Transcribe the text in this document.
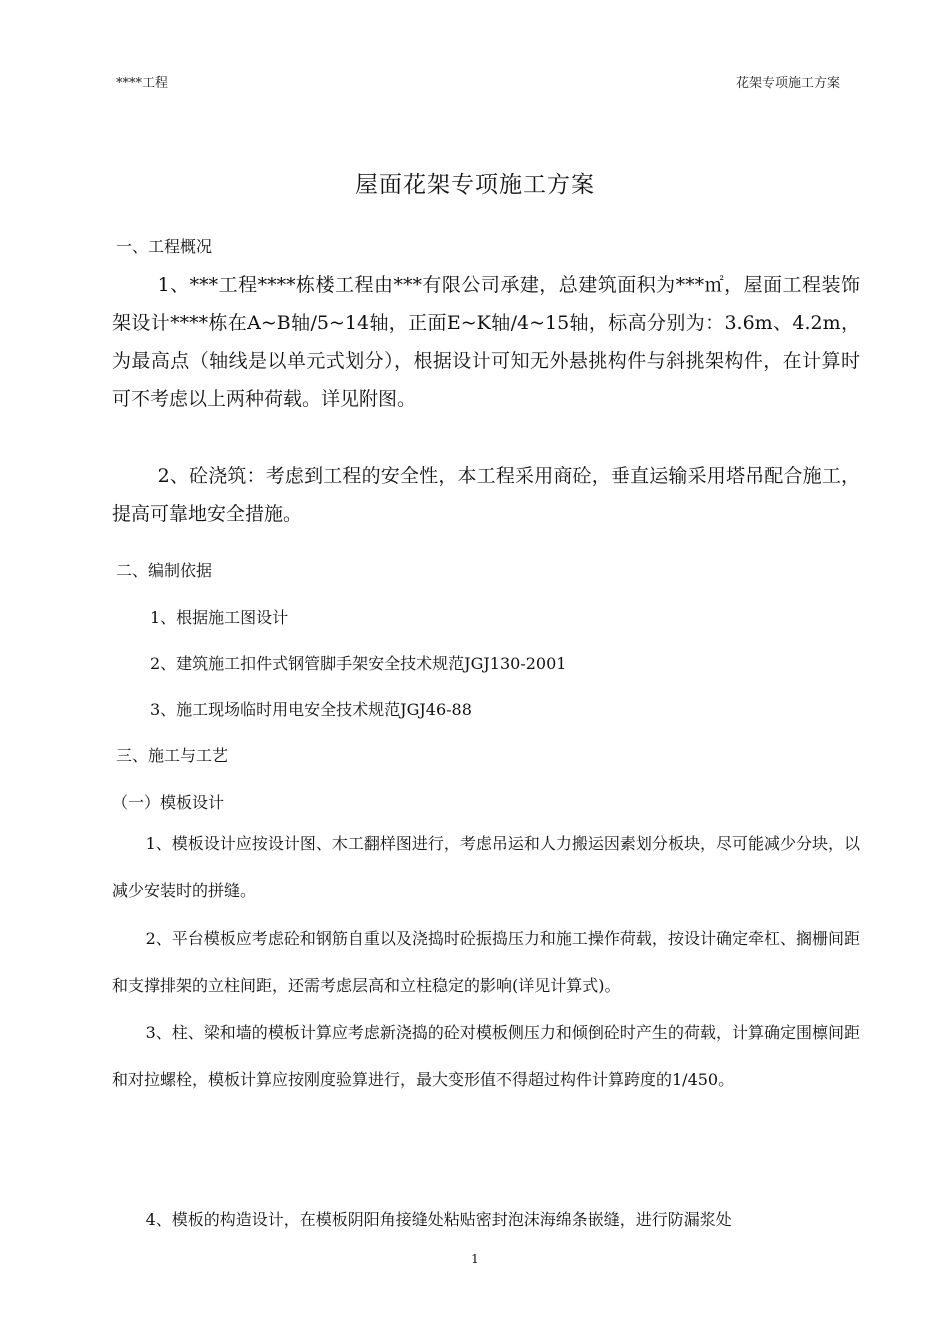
****工程	花架专项施工方案
屋面花架专项施工方案
一、工程概况
1、***工程****栋楼工程由***有限公司承建，总建筑面积为***㎡，屋面工程装饰架设计****栋在A~B轴/5~14轴，正面E~K轴/4~15轴，标高分别为：3.6m、4.2m，为最高点（轴线是以单元式划分），根据设计可知无外悬挑构件与斜挑架构件，在计算时可不考虑以上两种荷载。详见附图。
2、砼浇筑：考虑到工程的安全性，本工程采用商砼，垂直运输采用塔吊配合施工，提高可靠地安全措施。
二、编制依据
1、根据施工图设计
2、建筑施工扣件式钢管脚手架安全技术规范JGJ130-2001
3、施工现场临时用电安全技术规范JGJ46-88
三、施工与工艺
（一）模板设计
1、模板设计应按设计图、木工翻样图进行，考虑吊运和人力搬运因素划分板块，尽可能减少分块，以减少安装时的拼缝。
2、平台模板应考虑砼和钢筋自重以及浇捣时砼振捣压力和施工操作荷载，按设计确定牵杠、搁栅间距和支撑排架的立柱间距，还需考虑层高和立柱稳定的影响(详见计算式)。
3、柱、梁和墙的模板计算应考虑新浇捣的砼对模板侧压力和倾倒砼时产生的荷载，计算确定围檩间距和对拉螺栓，模板计算应按刚度验算进行，最大变形值不得超过构件计算跨度的1/450。
4、模板的构造设计，在模板阴阳角接缝处粘贴密封泡沫海绵条嵌缝，进行防漏浆处
1
